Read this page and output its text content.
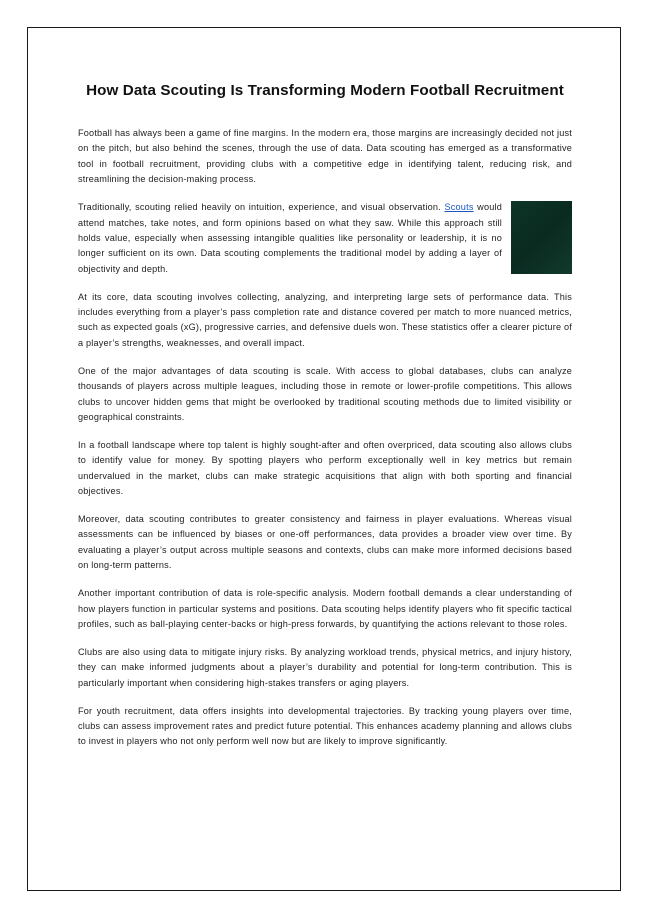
How Data Scouting Is Transforming Modern Football Recruitment

Football has always been a game of fine margins. In the modern era, those margins are increasingly decided not just on the pitch, but also behind the scenes, through the use of data. Data scouting has emerged as a transformative tool in football recruitment, providing clubs with a competitive edge in identifying talent, reducing risk, and streamlining the decision-making process.

Traditionally, scouting relied heavily on intuition, experience, and visual observation. Scouts would attend matches, take notes, and form opinions based on what they saw. While this approach still holds value, especially when assessing intangible qualities like personality or leadership, it is no longer sufficient on its own. Data scouting complements the traditional model by adding a layer of objectivity and depth.

At its core, data scouting involves collecting, analyzing, and interpreting large sets of performance data. This includes everything from a player’s pass completion rate and distance covered per match to more nuanced metrics, such as expected goals (xG), progressive carries, and defensive duels won. These statistics offer a clearer picture of a player’s strengths, weaknesses, and overall impact.

One of the major advantages of data scouting is scale. With access to global databases, clubs can analyze thousands of players across multiple leagues, including those in remote or lower-profile competitions. This allows clubs to uncover hidden gems that might be overlooked by traditional scouting methods due to limited visibility or geographical constraints.

In a football landscape where top talent is highly sought-after and often overpriced, data scouting also allows clubs to identify value for money. By spotting players who perform exceptionally well in key metrics but remain undervalued in the market, clubs can make strategic acquisitions that align with both sporting and financial objectives.

Moreover, data scouting contributes to greater consistency and fairness in player evaluations. Whereas visual assessments can be influenced by biases or one-off performances, data provides a broader view over time. By evaluating a player’s output across multiple seasons and contexts, clubs can make more informed decisions based on long-term patterns.

Another important contribution of data is role-specific analysis. Modern football demands a clear understanding of how players function in particular systems and positions. Data scouting helps identify players who fit specific tactical profiles, such as ball-playing center-backs or high-press forwards, by quantifying the actions relevant to those roles.

Clubs are also using data to mitigate injury risks. By analyzing workload trends, physical metrics, and injury history, they can make informed judgments about a player’s durability and potential for long-term contribution. This is particularly important when considering high-stakes transfers or aging players.

For youth recruitment, data offers insights into developmental trajectories. By tracking young players over time, clubs can assess improvement rates and predict future potential. This enhances academy planning and allows clubs to invest in players who not only perform well now but are likely to improve significantly.
